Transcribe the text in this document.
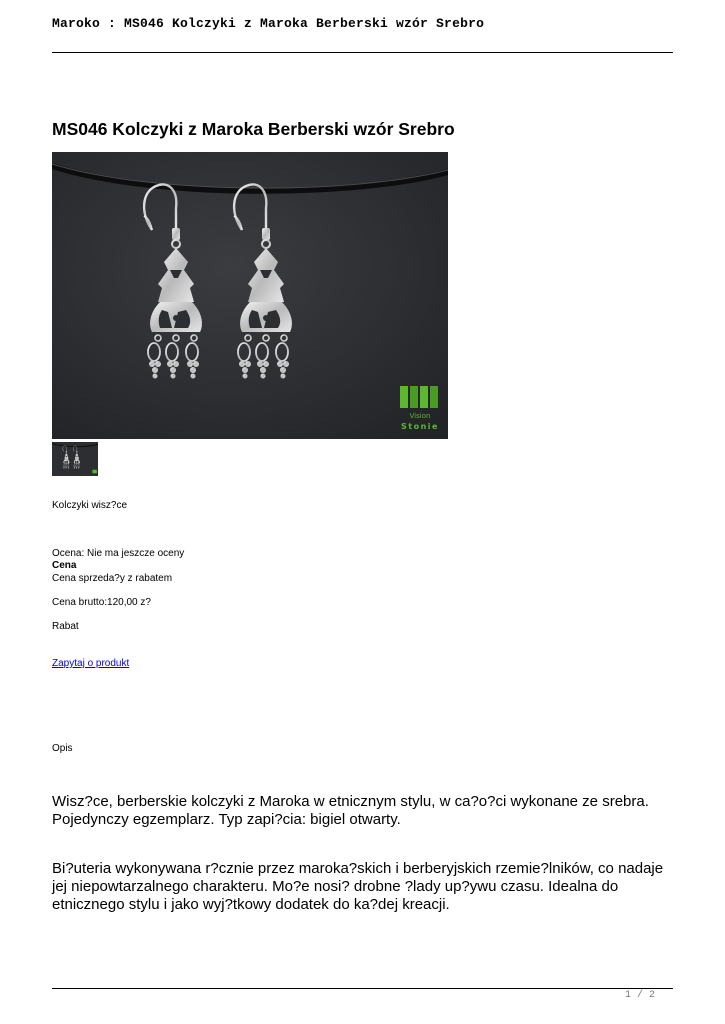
Maroko : MS046 Kolczyki z Maroka Berberski wzór Srebro
MS046 Kolczyki z Maroka Berberski wzór Srebro
Vision
Stonie
Kolczyki wisz?ce
Ocena: Nie ma jeszcze oceny
Cena
Cena sprzeda?y z rabatem
Cena brutto:120,00 z?
Rabat
Zapytaj o produkt
Opis

Wisz?ce, berberskie kolczyki z Maroka w etnicznym stylu, w ca?o?ci wykonane ze srebra. Pojedynczy egzemplarz. Typ zapi?cia: bigiel otwarty.

Bi?uteria wykonywana r?cznie przez maroka?skich i berberyjskich rzemie?lników, co nadaje jej niepowtarzalnego charakteru. Mo?e nosi? drobne ?lady up?ywu czasu. Idealna do etnicznego stylu i jako wyj?tkowy dodatek do ka?dej kreacji.

1 / 2
